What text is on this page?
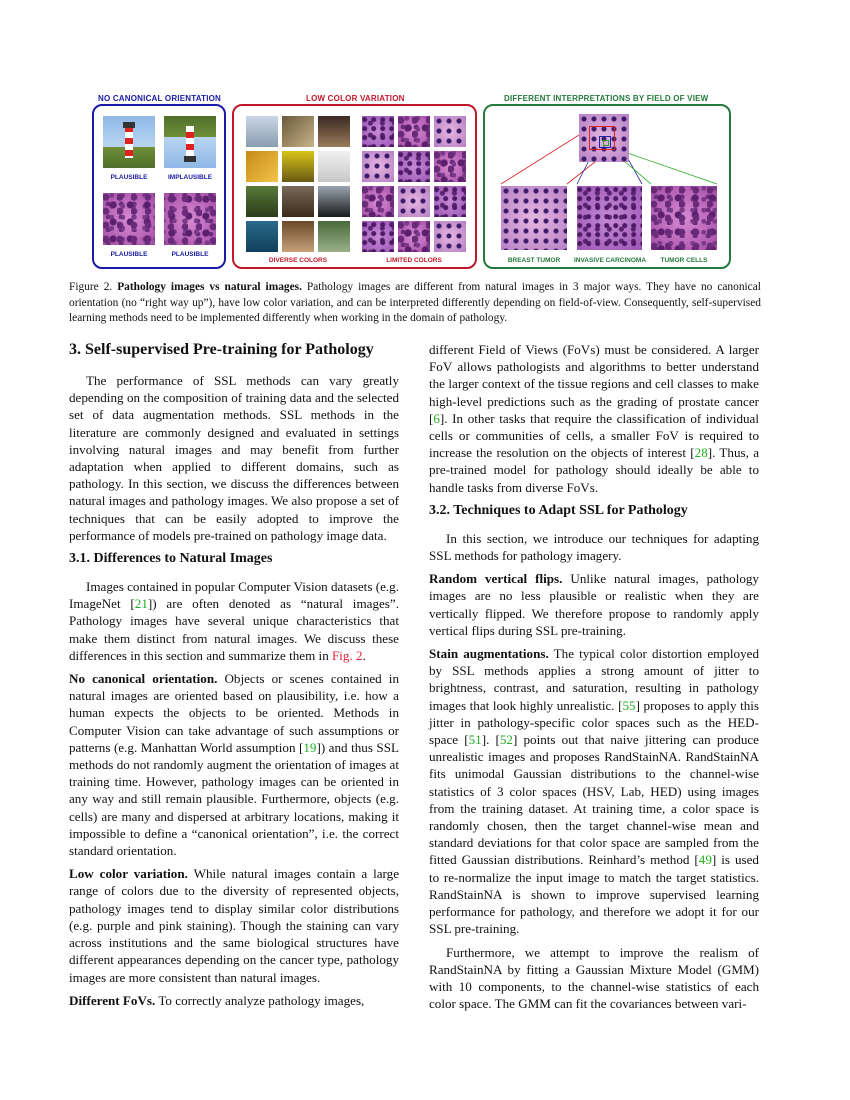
NO CANONICAL ORIENTATION
PLAUSIBLE	IMPLAUSIBLE
PLAUSIBLE	PLAUSIBLE
LOW COLOR VARIATION
DIVERSE COLORS	LIMITED COLORS
DIFFERENT INTERPRETATIONS BY FIELD OF VIEW
BREAST TUMOR	INVASIVE CARCINOMA	TUMOR CELLS
Figure 2. Pathology images vs natural images. Pathology images are different from natural images in 3 major ways. They have no canonical orientation (no “right way up”), have low color variation, and can be interpreted differently depending on field-of-view. Consequently, self-supervised learning methods need to be implemented differently when working in the domain of pathology.
3. Self-supervised Pre-training for Pathology

The performance of SSL methods can vary greatly depending on the composition of training data and the selected set of data augmentation methods. SSL methods in the literature are commonly designed and evaluated in settings involving natural images and may benefit from further adaptation when applied to different domains, such as pathology. In this section, we discuss the differences between natural images and pathology images. We also propose a set of techniques that can be easily adopted to improve the performance of models pre-trained on pathology image data.

3.1. Differences to Natural Images

Images contained in popular Computer Vision datasets (e.g. ImageNet [21]) are often denoted as “natural images”. Pathology images have several unique characteristics that make them distinct from natural images. We discuss these differences in this section and summarize them in Fig. 2.

No canonical orientation. Objects or scenes contained in natural images are oriented based on plausibility, i.e. how a human expects the objects to be oriented. Methods in Computer Vision can take advantage of such assumptions or patterns (e.g. Manhattan World assumption [19]) and thus SSL methods do not randomly augment the orientation of images at training time. However, pathology images can be oriented in any way and still remain plausible. Furthermore, objects (e.g. cells) are many and dispersed at arbitrary locations, making it impossible to define a “canonical orientation”, i.e. the correct standard orientation.

Low color variation. While natural images contain a large range of colors due to the diversity of represented objects, pathology images tend to display similar color distributions (e.g. purple and pink staining). Though the staining can vary across institutions and the same biological structures have different appearances depending on the cancer type, pathology images are more consistent than natural images.

Different FoVs. To correctly analyze pathology images,

different Field of Views (FoVs) must be considered. A larger FoV allows pathologists and algorithms to better understand the larger context of the tissue regions and cell classes to make high-level predictions such as the grading of prostate cancer [6]. In other tasks that require the classification of individual cells or communities of cells, a smaller FoV is required to increase the resolution on the objects of interest [28]. Thus, a pre-trained model for pathology should ideally be able to handle tasks from diverse FoVs.

3.2. Techniques to Adapt SSL for Pathology

In this section, we introduce our techniques for adapting SSL methods for pathology imagery.

Random vertical flips. Unlike natural images, pathology images are no less plausible or realistic when they are vertically flipped. We therefore propose to randomly apply vertical flips during SSL pre-training.

Stain augmentations. The typical color distortion employed by SSL methods applies a strong amount of jitter to brightness, contrast, and saturation, resulting in pathology images that look highly unrealistic. [55] proposes to apply this jitter in pathology-specific color spaces such as the HED-space [51]. [52] points out that naive jittering can produce unrealistic images and proposes RandStainNA. RandStainNA fits unimodal Gaussian distributions to the channel-wise statistics of 3 color spaces (HSV, Lab, HED) using images from the training dataset. At training time, a color space is randomly chosen, then the target channel-wise mean and standard deviations for that color space are sampled from the fitted Gaussian distributions. Reinhard’s method [49] is used to re-normalize the input image to match the target statistics. RandStainNA is shown to improve supervised learning performance for pathology, and therefore we adopt it for our SSL pre-training.

Furthermore, we attempt to improve the realism of RandStainNA by fitting a Gaussian Mixture Model (GMM) with 10 components, to the channel-wise statistics of each color space. The GMM can fit the covariances between vari-
